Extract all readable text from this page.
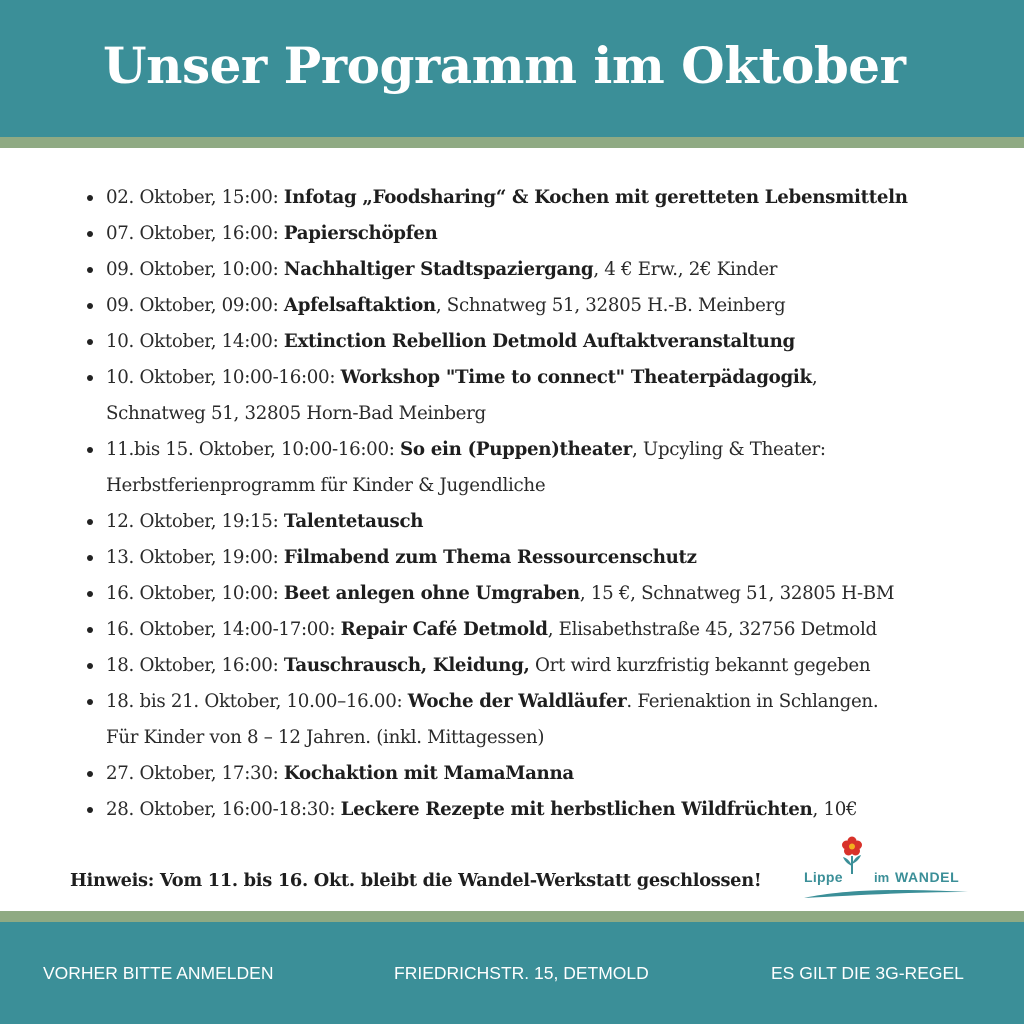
Unser Programm im Oktober
02. Oktober, 15:00: Infotag „Foodsharing“ & Kochen mit geretteten Lebensmitteln
07. Oktober, 16:00: Papierschöpfen
09. Oktober, 10:00: Nachhaltiger Stadtspaziergang, 4 € Erw., 2€ Kinder
09. Oktober, 09:00: Apfelsaftaktion, Schnatweg 51, 32805 H.-B. Meinberg
10. Oktober, 14:00: Extinction Rebellion Detmold Auftaktveranstaltung
10. Oktober, 10:00-16:00: Workshop "Time to connect" Theaterpädagogik,
Schnatweg 51, 32805 Horn-Bad Meinberg
11.bis 15. Oktober, 10:00-16:00: So ein (Puppen)theater, Upcyling & Theater:
Herbstferienprogramm für Kinder & Jugendliche
12. Oktober, 19:15: Talentetausch
13. Oktober, 19:00: Filmabend zum Thema Ressourcenschutz
16. Oktober, 10:00: Beet anlegen ohne Umgraben, 15 €, Schnatweg 51, 32805 H-BM
16. Oktober, 14:00-17:00: Repair Café Detmold, Elisabethstraße 45, 32756 Detmold
18. Oktober, 16:00: Tauschrausch, Kleidung, Ort wird kurzfristig bekannt gegeben
18. bis 21. Oktober, 10.00–16.00: Woche der Waldläufer. Ferienaktion in Schlangen.
Für Kinder von 8 – 12 Jahren. (inkl. Mittagessen)
27. Oktober, 17:30: Kochaktion mit MamaManna
28. Oktober, 16:00-18:30: Leckere Rezepte mit herbstlichen Wildfrüchten, 10€
Hinweis: Vom 11. bis 16. Okt. bleibt die Wandel-Werkstatt geschlossen!	Lippe im WANDEL
VORHER BITTE ANMELDEN	FRIEDRICHSTR. 15, DETMOLD	ES GILT DIE 3G-REGEL
